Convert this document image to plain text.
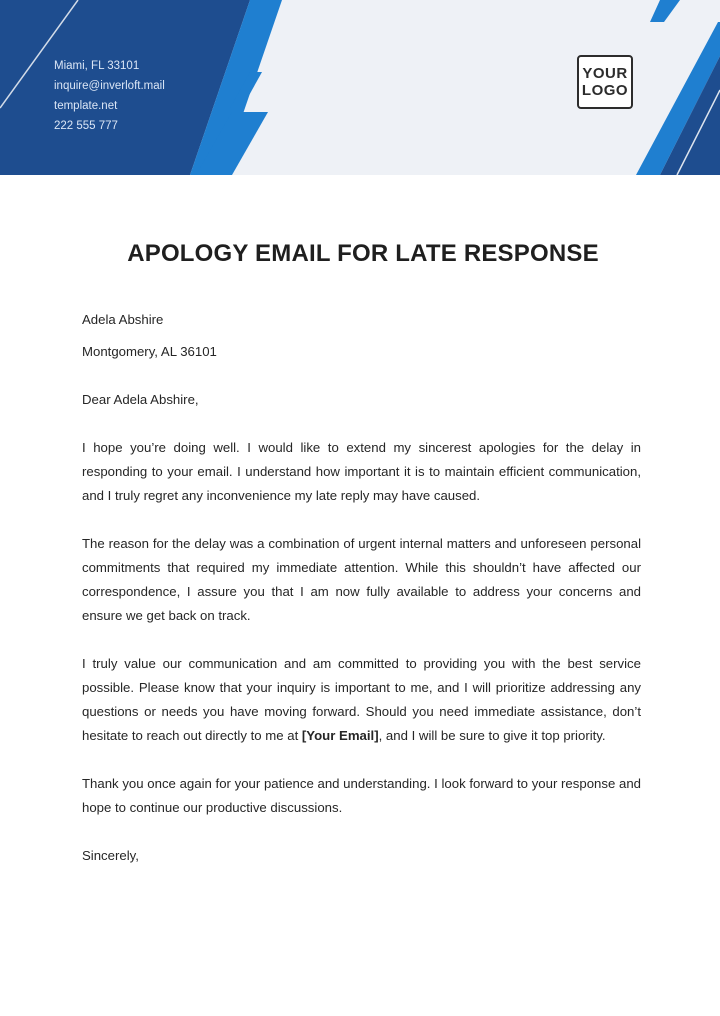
Miami, FL 33101
inquire@inverloft.mail
template.net
222 555 777
YOUR
LOGO
APOLOGY EMAIL FOR LATE RESPONSE

Adela Abshire

Montgomery, AL 36101

Dear Adela Abshire,

I hope you’re doing well. I would like to extend my sincerest apologies for the delay in responding to your email. I understand how important it is to maintain efficient communication, and I truly regret any inconvenience my late reply may have caused.

The reason for the delay was a combination of urgent internal matters and unforeseen personal commitments that required my immediate attention. While this shouldn’t have affected our correspondence, I assure you that I am now fully available to address your concerns and ensure we get back on track.

I truly value our communication and am committed to providing you with the best service possible. Please know that your inquiry is important to me, and I will prioritize addressing any questions or needs you have moving forward. Should you need immediate assistance, don’t hesitate to reach out directly to me at [Your Email], and I will be sure to give it top priority.

Thank you once again for your patience and understanding. I look forward to your response and hope to continue our productive discussions.

Sincerely,
